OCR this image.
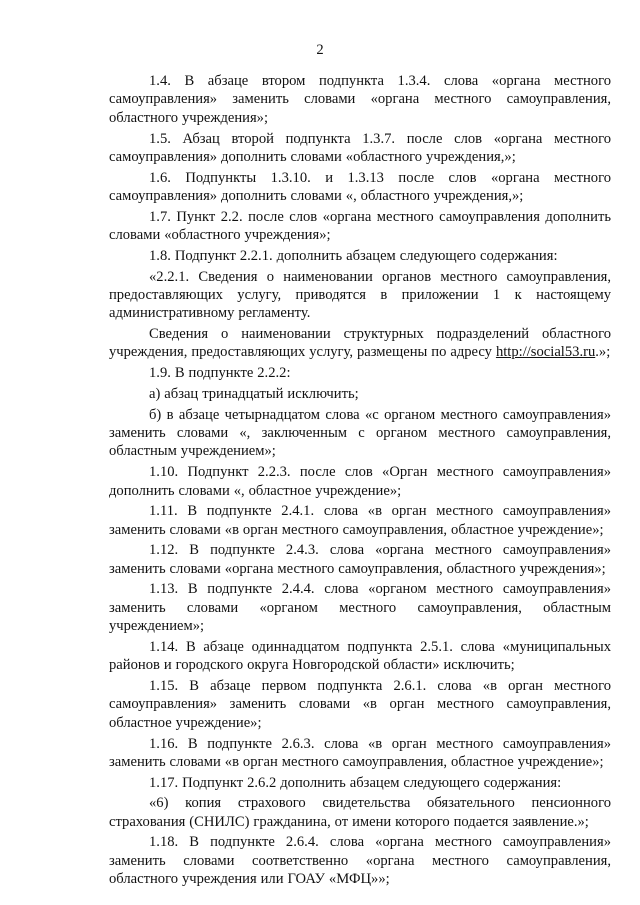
2

1.4. В абзаце втором подпункта 1.3.4. слова «органа местного самоуправления» заменить словами «органа местного самоуправления, областного учреждения»;

1.5. Абзац второй подпункта 1.3.7. после слов «органа местного самоуправления» дополнить словами «областного учреждения,»;

1.6. Подпункты 1.3.10. и 1.3.13 после слов «органа местного самоуправления» дополнить словами «, областного учреждения,»;

1.7. Пункт 2.2. после слов «органа местного самоуправления дополнить словами «областного учреждения»;

1.8. Подпункт 2.2.1. дополнить абзацем следующего содержания:

«2.2.1. Сведения о наименовании органов местного самоуправления, предоставляющих услугу, приводятся в приложении 1 к настоящему административному регламенту.

Сведения о наименовании структурных подразделений областного учреждения, предоставляющих услугу, размещены по адресу http://social53.ru.»;

1.9. В подпункте 2.2.2:

а) абзац тринадцатый исключить;

б) в абзаце четырнадцатом слова «с органом местного самоуправления» заменить словами «, заключенным с органом местного самоуправления, областным учреждением»;

1.10. Подпункт 2.2.3. после слов «Орган местного самоуправления» дополнить словами «, областное учреждение»;

1.11. В подпункте 2.4.1. слова «в орган местного самоуправления» заменить словами «в орган местного самоуправления, областное учреждение»;

1.12. В подпункте 2.4.3. слова «органа местного самоуправления» заменить словами «органа местного самоуправления, областного учреждения»;

1.13. В подпункте 2.4.4. слова «органом местного самоуправления» заменить словами «органом местного самоуправления, областным учреждением»;

1.14. В абзаце одиннадцатом подпункта 2.5.1. слова «муниципальных районов и городского округа Новгородской области» исключить;

1.15. В абзаце первом подпункта 2.6.1. слова «в орган местного самоуправления» заменить словами «в орган местного самоуправления, областное учреждение»;

1.16. В подпункте 2.6.3. слова «в орган местного самоуправления» заменить словами «в орган местного самоуправления, областное учреждение»;

1.17. Подпункт 2.6.2 дополнить абзацем следующего содержания:

«6) копия страхового свидетельства обязательного пенсионного страхования (СНИЛС) гражданина, от имени которого подается заявление.»;

1.18. В подпункте 2.6.4. слова «органа местного самоуправления» заменить словами соответственно «органа местного самоуправления, областного учреждения или ГОАУ «МФЦ»»;
